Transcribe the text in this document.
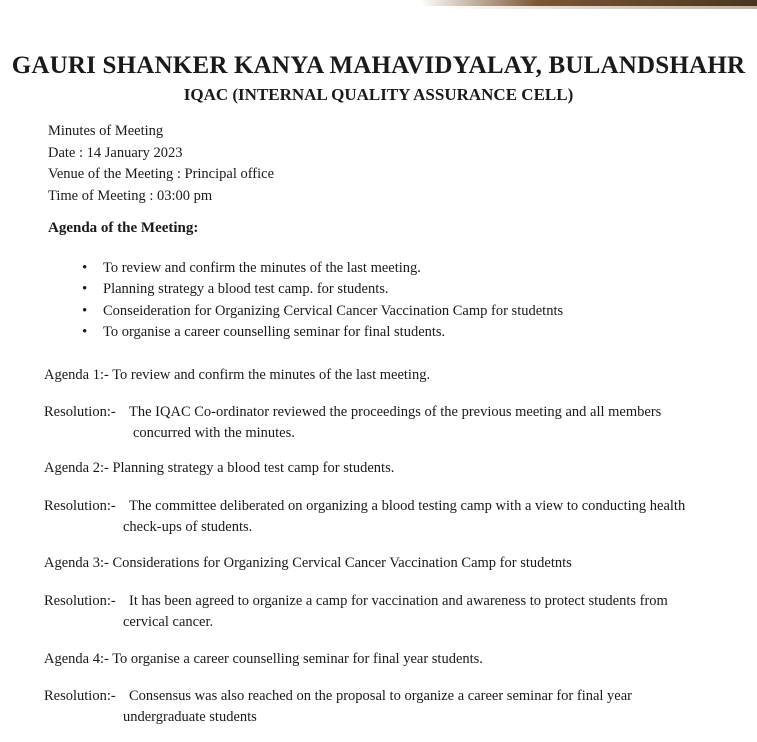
GAURI SHANKER KANYA MAHAVIDYALAY, BULANDSHAHR
IQAC (INTERNAL QUALITY ASSURANCE CELL)
Minutes of Meeting
Date : 14 January 2023
Venue of the Meeting : Principal office
Time of Meeting : 03:00 pm
Agenda of the Meeting:
• To review and confirm the minutes of the last meeting.
• Planning strategy a blood test camp. for students.
• Conseideration for Organizing Cervical Cancer Vaccination Camp for studetnts
• To organise a career counselling seminar for final students.
Agenda 1:- To review and confirm the minutes of the last meeting.
Resolution:- The IQAC Co-ordinator reviewed the proceedings of the previous meeting and all members
concurred with the minutes.
Agenda 2:- Planning strategy a blood test camp for students.
Resolution:- The committee deliberated on organizing a blood testing camp with a view to conducting health
check-ups of students.
Agenda 3:- Considerations for Organizing Cervical Cancer Vaccination Camp for studetnts
Resolution:- It has been agreed to organize a camp for vaccination and awareness to protect students from
cervical cancer.
Agenda 4:- To organise a career counselling seminar for final year students.
Resolution:- Consensus was also reached on the proposal to organize a career seminar for final year
undergraduate students
